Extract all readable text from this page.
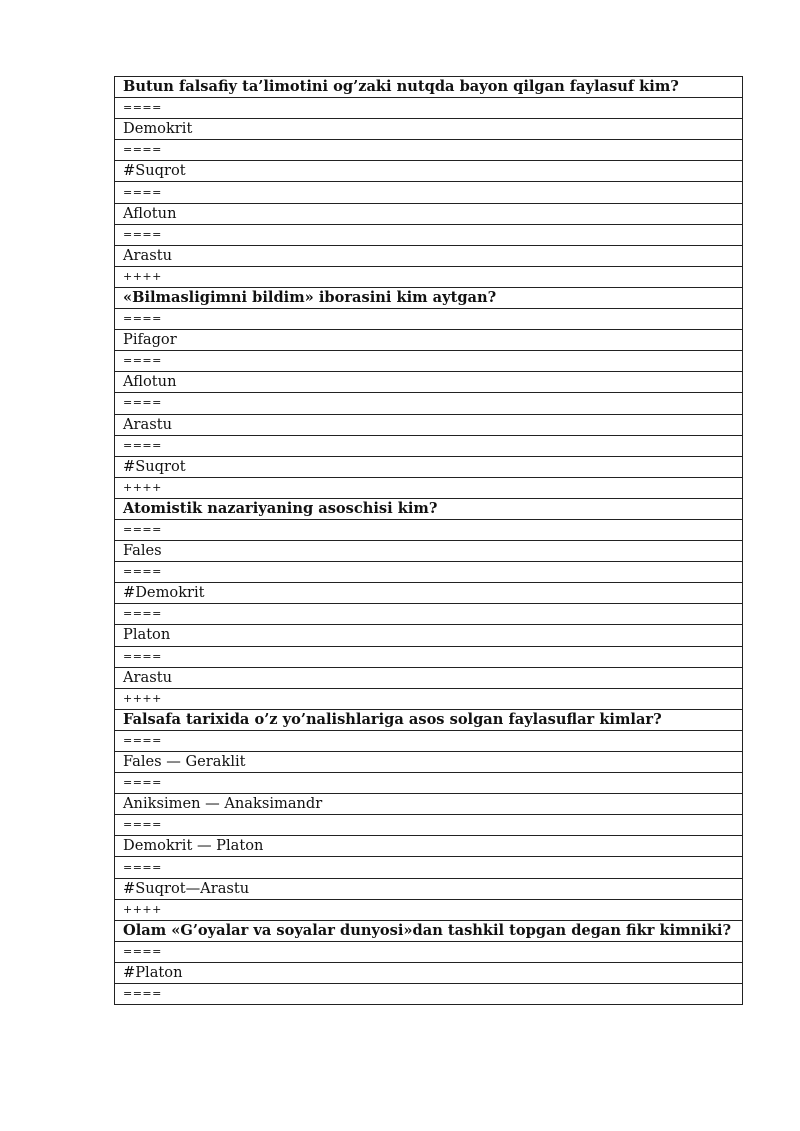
Butun falsafiy ta’limotini og’zaki nutqda bayon qilgan faylasuf kim?
====
Demokrit
====
#Suqrot
====
Aflotun
====
Arastu
++++
«Bilmasligimni bildim» iborasini kim aytgan?
====
Pifagor
====
Aflotun
====
Arastu
====
#Suqrot
++++
Atomistik nazariyaning asoschisi kim?
====
Fales
====
#Demokrit
====
Platon
====
Arastu
++++
Falsafa tarixida o’z yo’nalishlariga asos solgan faylasuflar kimlar?
====
Fales — Geraklit
====
Aniksimen — Anaksimandr
====
Demokrit — Platon
====
#Suqrot—Arastu
++++
Olam «G’oyalar va soyalar dunyosi»dan tashkil topgan degan fikr kimniki?
====
#Platon
====
